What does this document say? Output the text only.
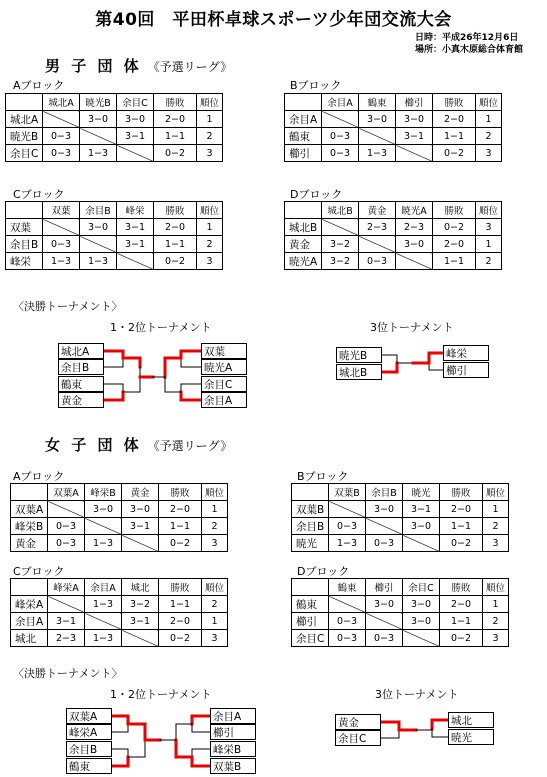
第40回　平田杯卓球スポーツ少年団交流大会
日時：平成26年12月6日
場所：小真木原総合体育館
男 子 団 体 《予選リーグ》
Aブロック	Bブロック
	城北A	暁光B	余目C	勝敗	順位
城北A		3−0	3−0	2−0	1
暁光B	0−3		3−1	1−1	2
余目C	0−3	1−3		0−2	3
	余目A	鶴東	櫛引	勝敗	順位
余目A		3−0	3−0	2−0	1
鶴東	0−3		3−1	1−1	2
櫛引	0−3	1−3		0−2	3
Cブロック	Dブロック
	双葉	余目B	峰栄	勝敗	順位
双葉		3−0	3−1	2−0	1
余目B	0−3		3−1	1−1	2
峰栄	1−3	1−3		0−2	3
	城北B	黄金	暁光A	勝敗	順位
城北B		2−3	2−3	0−2	3
黄金	3−2		3−0	2−0	1
暁光A	3−2	0−3		1−1	2
〈決勝トーナメント〉
1・2位トーナメント	3位トーナメント
城北A
余目B
鶴東
黄金
双葉
暁光A
余目C
余目A
暁光B
城北B
峰栄
櫛引
女 子 団 体 《予選リーグ》
Aブロック	Bブロック
	双葉A	峰栄B	黄金	勝敗	順位
双葉A		3−0	3−0	2−0	1
峰栄B	0−3		3−1	1−1	2
黄金	0−3	1−3		0−2	3
	双葉B	余目B	暁光	勝敗	順位
双葉B		3−0	3−1	2−0	1
余目B	0−3		3−0	1−1	2
暁光	1−3	0−3		0−2	3
Cブロック	Dブロック
	峰栄A	余目A	城北	勝敗	順位
峰栄A		1−3	3−2	1−1	2
余目A	3−1		3−1	2−0	1
城北	2−3	1−3		0−2	3
	鶴東	櫛引	余目C	勝敗	順位
鶴東		3−0	3−0	2−0	1
櫛引	0−3		3−0	1−1	2
余目C	0−3	0−3		0−2	3
〈決勝トーナメント〉
1・2位トーナメント	3位トーナメント
双葉A
峰栄A
余目B
鶴東
余目A
櫛引
峰栄B
双葉B
黄金
余目C
城北
暁光
